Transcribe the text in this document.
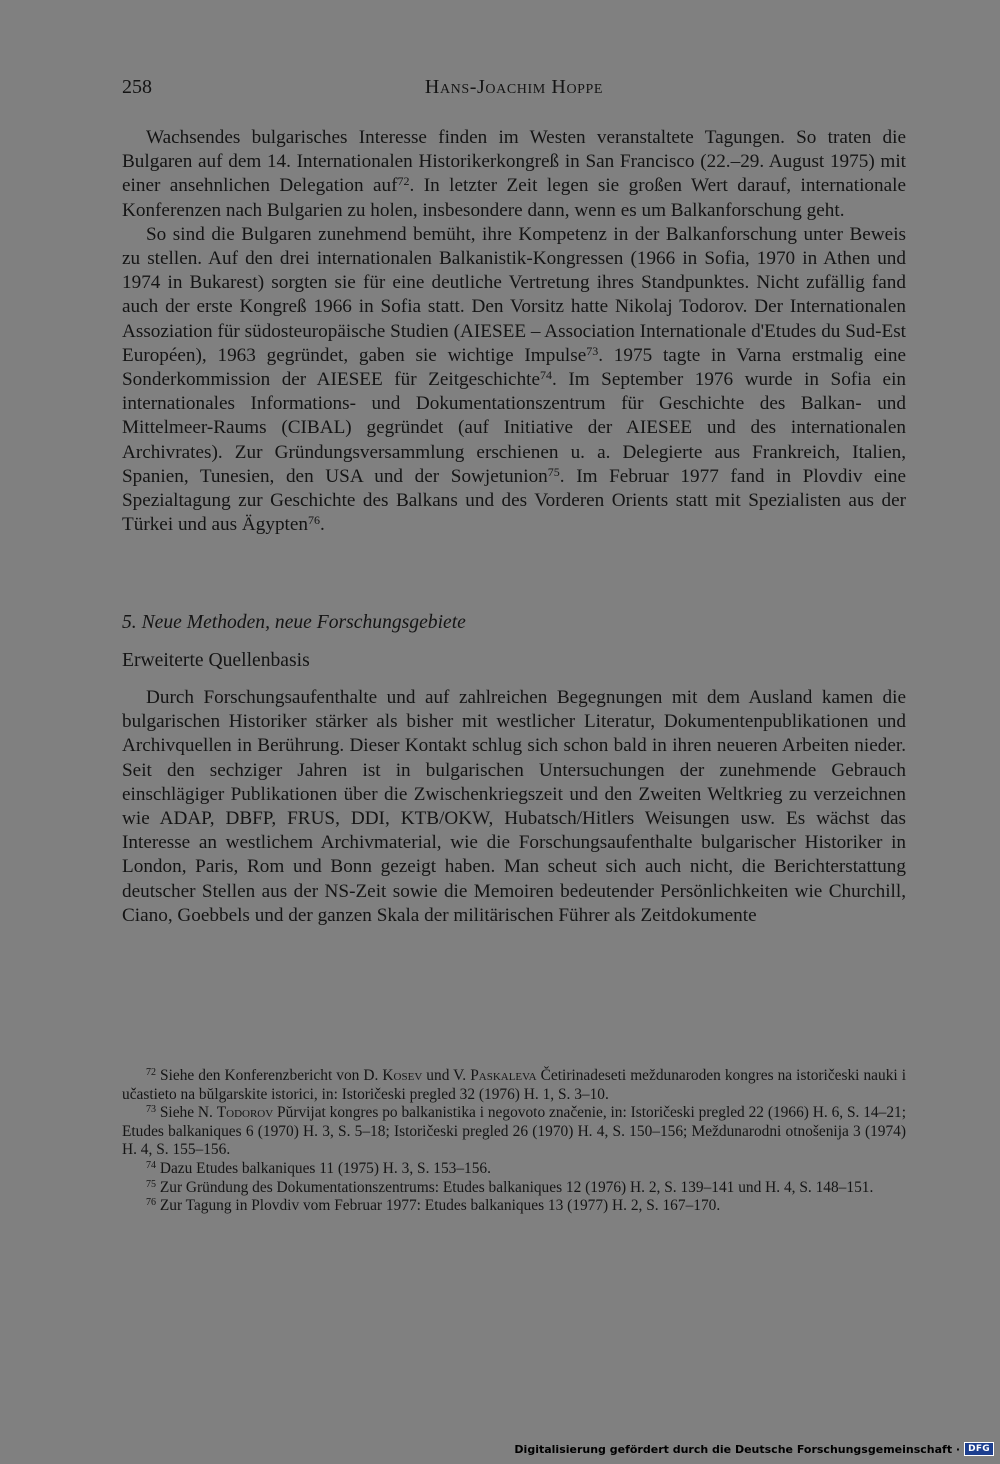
258	Hans-Joachim Hoppe

Wachsendes bulgarisches Interesse finden im Westen veranstaltete Tagungen. So traten die Bulgaren auf dem 14. Internationalen Historikerkongreß in San Francisco (22.–29. August 1975) mit einer ansehnlichen Delegation auf$^{72}$. In letzter Zeit legen sie großen Wert darauf, internationale Konferenzen nach Bulgarien zu holen, insbesondere dann, wenn es um Balkanforschung geht.

So sind die Bulgaren zunehmend bemüht, ihre Kompetenz in der Balkanforschung unter Beweis zu stellen. Auf den drei internationalen Balkanistik-Kongressen (1966 in Sofia, 1970 in Athen und 1974 in Bukarest) sorgten sie für eine deutliche Vertretung ihres Standpunktes. Nicht zufällig fand auch der erste Kongreß 1966 in Sofia statt. Den Vorsitz hatte Nikolaj Todorov. Der Internationalen Assoziation für südosteuropäische Studien (AIESEE – Association Internationale d'Etudes du Sud-Est Européen), 1963 gegründet, gaben sie wichtige Impulse$^{73}$. 1975 tagte in Varna erstmalig eine Sonderkommission der AIESEE für Zeitgeschichte$^{74}$. Im September 1976 wurde in Sofia ein internationales Informations- und Dokumentationszentrum für Geschichte des Balkan- und Mittelmeer-Raums (CIBAL) gegründet (auf Initiative der AIESEE und des internationalen Archivrates). Zur Gründungsversammlung erschienen u. a. Delegierte aus Frankreich, Italien, Spanien, Tunesien, den USA und der Sowjetunion$^{75}$. Im Februar 1977 fand in Plovdiv eine Spezialtagung zur Geschichte des Balkans und des Vorderen Orients statt mit Spezialisten aus der Türkei und aus Ägypten$^{76}$.

5. Neue Methoden, neue Forschungsgebiete
Erweiterte Quellenbasis

Durch Forschungsaufenthalte und auf zahlreichen Begegnungen mit dem Ausland kamen die bulgarischen Historiker stärker als bisher mit westlicher Literatur, Dokumentenpublikationen und Archivquellen in Berührung. Dieser Kontakt schlug sich schon bald in ihren neueren Arbeiten nieder. Seit den sechziger Jahren ist in bulgarischen Untersuchungen der zunehmende Gebrauch einschlägiger Publikationen über die Zwischenkriegszeit und den Zweiten Weltkrieg zu verzeichnen wie ADAP, DBFP, FRUS, DDI, KTB/OKW, Hubatsch/Hitlers Weisungen usw. Es wächst das Interesse an westlichem Archivmaterial, wie die Forschungsaufenthalte bulgarischer Historiker in London, Paris, Rom und Bonn gezeigt haben. Man scheut sich auch nicht, die Berichterstattung deutscher Stellen aus der NS-Zeit sowie die Memoiren bedeutender Persönlichkeiten wie Churchill, Ciano, Goebbels und der ganzen Skala der militärischen Führer als Zeitdokumente

$^{72}$ Siehe den Konferenzbericht von D. Kosev und V. Paskaleva Četirinadeseti meždunaroden kongres na istoričeski nauki i učastieto na bŭlgarskite istorici, in: Istoričeski pregled 32 (1976) H. 1, S. 3–10.

$^{73}$ Siehe N. Todorov Pŭrvijat kongres po balkanistika i negovoto značenie, in: Istoričeski pregled 22 (1966) H. 6, S. 14–21; Etudes balkaniques 6 (1970) H. 3, S. 5–18; Istoričeski pregled 26 (1970) H. 4, S. 150–156; Meždunarodni otnošenija 3 (1974) H. 4, S. 155–156.

$^{74}$ Dazu Etudes balkaniques 11 (1975) H. 3, S. 153–156.

$^{75}$ Zur Gründung des Dokumentationszentrums: Etudes balkaniques 12 (1976) H. 2, S. 139–141 und H. 4, S. 148–151.

$^{76}$ Zur Tagung in Plovdiv vom Februar 1977: Etudes balkaniques 13 (1977) H. 2, S. 167–170.

Digitalisierung gefördert durch die Deutsche Forschungsgemeinschaft · DFG
